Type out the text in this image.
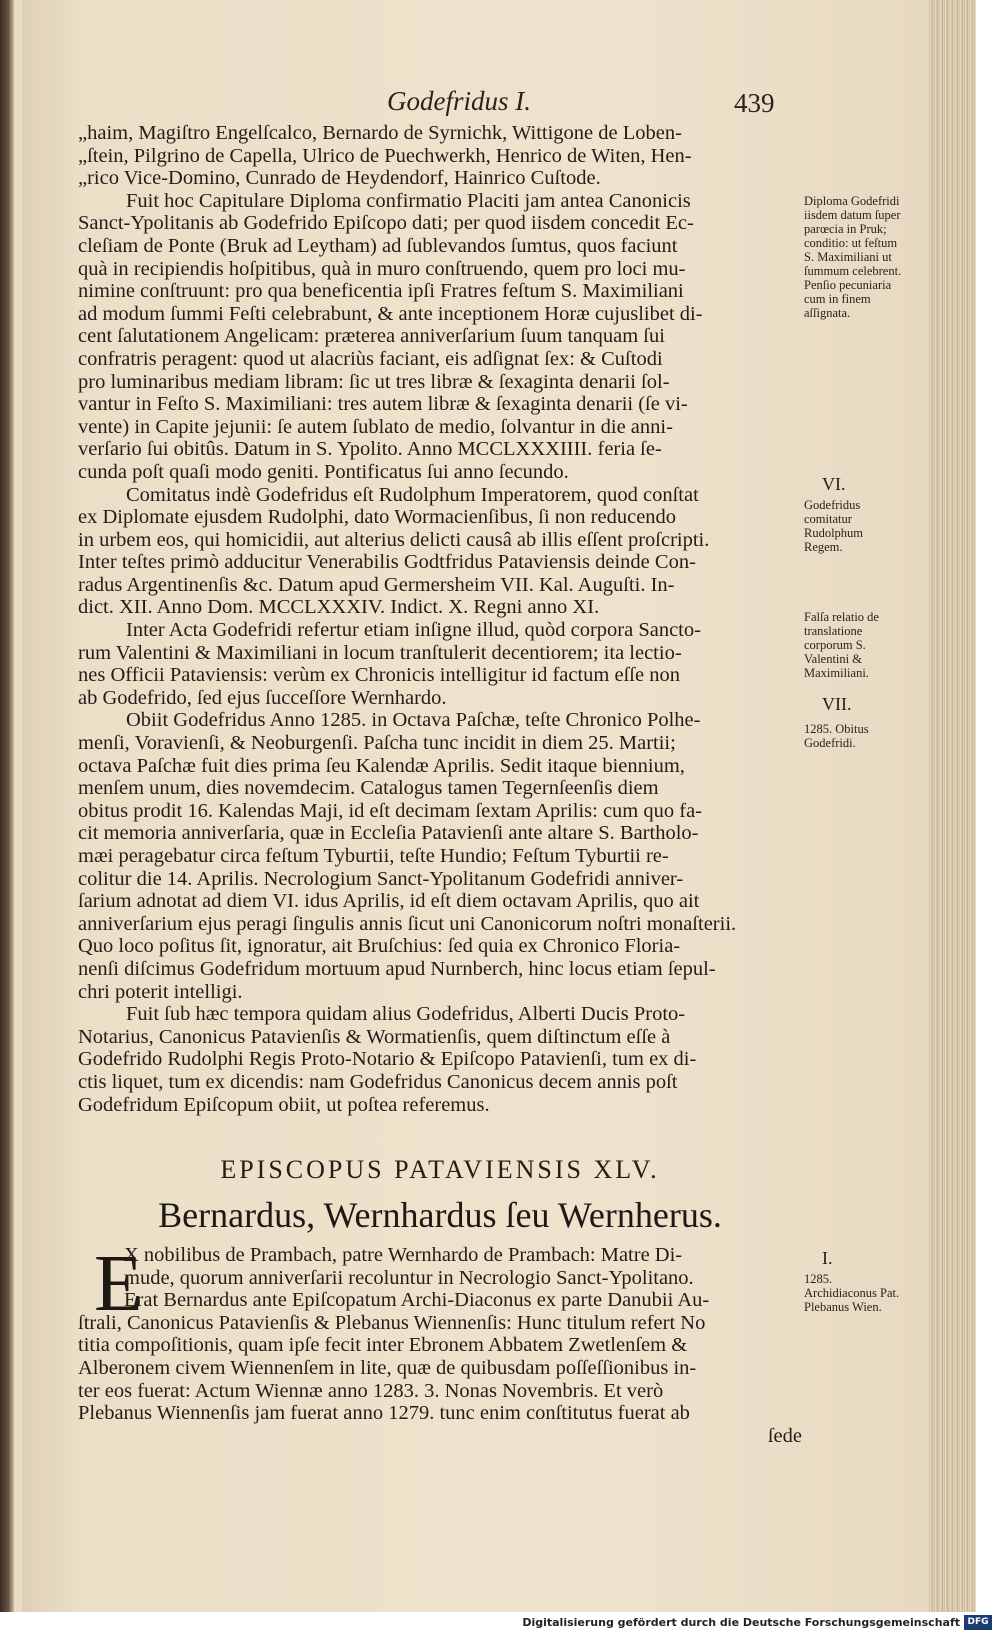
Godefridus I.	439
„haim, Magiſtro Engelſcalco, Bernardo de Syrnichk, Wittigone de Loben-
„ſtein, Pilgrino de Capella, Ulrico de Puechwerkh, Henrico de Witen, Hen-
„rico Vice-Domino, Cunrado de Heydendorf, Hainrico Cuſtode.
Fuit hoc Capitulare Diploma confirmatio Placiti jam antea Canonicis
Sanct-Ypolitanis ab Godefrido Epiſcopo dati; per quod iisdem concedit Ec-
cleſiam de Ponte (Bruk ad Leytham) ad ſublevandos ſumtus, quos faciunt
quà in recipiendis hoſpitibus, quà in muro conſtruendo, quem pro loci mu-
nimine conſtruunt: pro qua beneficentia ipſi Fratres feſtum S. Maximiliani
ad modum ſummi Feſti celebrabunt, & ante inceptionem Horæ cujuslibet di-
cent ſalutationem Angelicam: præterea anniverſarium ſuum tanquam ſui
confratris peragent: quod ut alacriùs faciant, eis adſignat ſex: & Cuſtodi
pro luminaribus mediam libram: ſic ut tres libræ & ſexaginta denarii ſol-
vantur in Feſto S. Maximiliani: tres autem libræ & ſexaginta denarii (ſe vi-
vente) in Capite jejunii: ſe autem ſublato de medio, ſolvantur in die anni-
verſario ſui obitûs. Datum in S. Ypolito. Anno MCCLXXXIIII. feria ſe-
cunda poſt quaſi modo geniti. Pontificatus ſui anno ſecundo.
Comitatus indè Godefridus eſt Rudolphum Imperatorem, quod conſtat
ex Diplomate ejusdem Rudolphi, dato Wormacienſibus, ſi non reducendo
in urbem eos, qui homicidii, aut alterius delicti causâ ab illis eſſent proſcripti.
Inter teſtes primò adducitur Venerabilis Godtfridus Pataviensis deinde Con-
radus Argentinenſis &c. Datum apud Germersheim VII. Kal. Auguſti. In-
dict. XII. Anno Dom. MCCLXXXIV. Indict. X. Regni anno XI.
Inter Acta Godefridi refertur etiam inſigne illud, quòd corpora Sancto-
rum Valentini & Maximiliani in locum tranſtulerit decentiorem; ita lectio-
nes Officii Pataviensis: verùm ex Chronicis intelligitur id factum eſſe non
ab Godefrido, ſed ejus ſucceſſore Wernhardo.
Obiit Godefridus Anno 1285. in Octava Paſchæ, teſte Chronico Polhe-
menſi, Voravienſi, & Neoburgenſi. Paſcha tunc incidit in diem 25. Martii;
octava Paſchæ fuit dies prima ſeu Kalendæ Aprilis. Sedit itaque biennium,
menſem unum, dies novemdecim. Catalogus tamen Tegernſeenſis diem
obitus prodit 16. Kalendas Maji, id eſt decimam ſextam Aprilis: cum quo fa-
cit memoria anniverſaria, quæ in Eccleſia Patavienſi ante altare S. Bartholo-
mæi peragebatur circa feſtum Tyburtii, teſte Hundio; Feſtum Tyburtii re-
colitur die 14. Aprilis. Necrologium Sanct-Ypolitanum Godefridi anniver-
ſarium adnotat ad diem VI. idus Aprilis, id eſt diem octavam Aprilis, quo ait
anniverſarium ejus peragi ſingulis annis ſicut uni Canonicorum noſtri monaſterii.
Quo loco poſitus ſit, ignoratur, ait Bruſchius: ſed quia ex Chronico Floria-
nenſi diſcimus Godefridum mortuum apud Nurnberch, hinc locus etiam ſepul-
chri poterit intelligi.
Fuit ſub hæc tempora quidam alius Godefridus, Alberti Ducis Proto-
Notarius, Canonicus Patavienſis & Wormatienſis, quem diſtinctum eſſe à
Godefrido Rudolphi Regis Proto-Notario & Epiſcopo Patavienſi, tum ex di-
ctis liquet, tum ex dicendis: nam Godefridus Canonicus decem annis poſt
Godefridum Epiſcopum obiit, ut poſtea referemus.
EPISCOPUS PATAVIENSIS XLV.
Bernardus, Wernhardus ſeu Wernherus.
E
X nobilibus de Prambach, patre Wernhardo de Prambach: Matre Di-
mude, quorum anniverſarii recoluntur in Necrologio Sanct-Ypolitano.
Erat Bernardus ante Epiſcopatum Archi-Diaconus ex parte Danubii Au-
ſtrali, Canonicus Patavienſis & Plebanus Wiennenſis: Hunc titulum refert No
titia compoſitionis, quam ipſe fecit inter Ebronem Abbatem Zwetlenſem &
Alberonem civem Wiennenſem in lite, quæ de quibusdam poſſeſſionibus in-
ter eos fuerat: Actum Wiennæ anno 1283. 3. Nonas Novembris. Et verò
Plebanus Wiennenſis jam fuerat anno 1279. tunc enim conſtitutus fuerat ab
ſede
Diploma Godefridi iisdem datum ſuper parœcia in Pruk; conditio: ut feſtum S. Maximiliani ut ſummum celebrent. Penſio pecuniaria cum in finem aſſignata.
VI.
Godefridus comitatur Rudolphum Regem.
Falſa relatio de translatione corporum S. Valentini & Maximiliani.
VII.
1285. Obitus Godefridi.
I.
1285. Archidiaconus Pat. Plebanus Wien.
Digitalisierung gefördert durch die Deutsche Forschungsgemeinschaft DFG
